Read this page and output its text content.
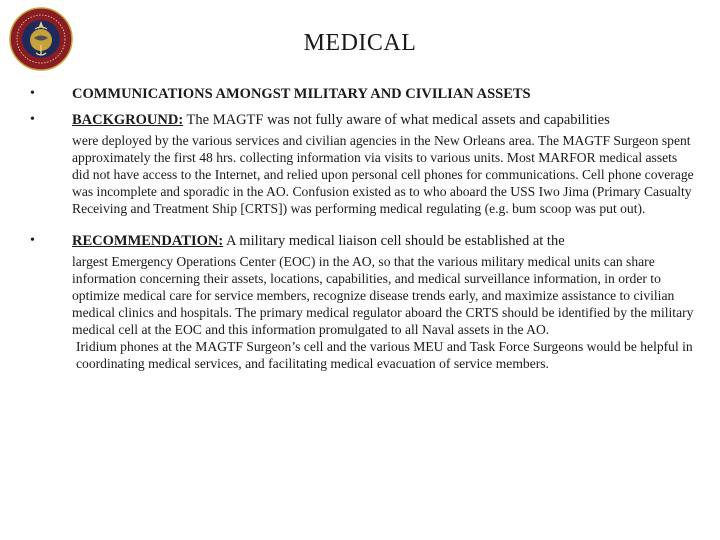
MEDICAL
•	COMMUNICATIONS AMONGST MILITARY AND CIVILIAN ASSETS
•	BACKGROUND: The MAGTF was not fully aware of what medical assets and capabilities
were deployed by the various services and civilian agencies in the New Orleans area. The MAGTF Surgeon spent approximately the first 48 hrs. collecting information via visits to various units. Most MARFOR medical assets did not have access to the Internet, and relied upon personal cell phones for communications. Cell phone coverage was incomplete and sporadic in the AO. Confusion existed as to who aboard the USS Iwo Jima (Primary Casualty Receiving and Treatment Ship [CRTS]) was performing medical regulating (e.g. bum scoop was put out).
•	RECOMMENDATION: A military medical liaison cell should be established at the
largest Emergency Operations Center (EOC) in the AO, so that the various military medical units can share information concerning their assets, locations, capabilities, and medical surveillance information, in order to optimize medical care for service members, recognize disease trends early, and maximize assistance to civilian medical clinics and hospitals. The primary medical regulator aboard the CRTS should be identified by the military medical cell at the EOC and this information promulgated to all Naval assets in the AO.
Iridium phones at the MAGTF Surgeon’s cell and the various MEU and Task Force Surgeons would be helpful in coordinating medical services, and facilitating medical evacuation of service members.
